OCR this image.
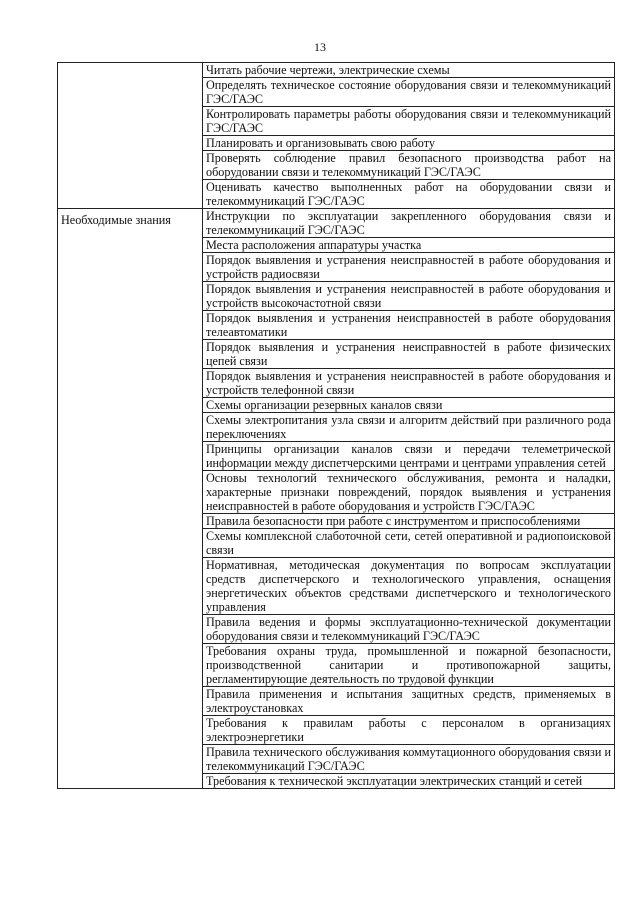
13
	Читать рабочие чертежи, электрические схемы
	Определять техническое состояние оборудования связи и телекоммуникаций ГЭС/ГАЭС
	Контролировать параметры работы оборудования связи и телекоммуникаций ГЭС/ГАЭС
	Планировать и организовывать свою работу
	Проверять соблюдение правил безопасного производства работ на оборудовании связи и телекоммуникаций ГЭС/ГАЭС
	Оценивать качество выполненных работ на оборудовании связи и телекоммуникаций ГЭС/ГАЭС
Необходимые знания	Инструкции по эксплуатации закрепленного оборудования связи и телекоммуникаций ГЭС/ГАЭС
	Места расположения аппаратуры участка
	Порядок выявления и устранения неисправностей в работе оборудования и устройств радиосвязи
	Порядок выявления и устранения неисправностей в работе оборудования и устройств высокочастотной связи
	Порядок выявления и устранения неисправностей в работе оборудования телеавтоматики
	Порядок выявления и устранения неисправностей в работе физических цепей связи
	Порядок выявления и устранения неисправностей в работе оборудования и устройств телефонной связи
	Схемы организации резервных каналов связи
	Схемы электропитания узла связи и алгоритм действий при различного рода переключениях
	Принципы организации каналов связи и передачи телеметрической информации между диспетчерскими центрами и центрами управления сетей
	Основы технологий технического обслуживания, ремонта и наладки, характерные признаки повреждений, порядок выявления и устранения неисправностей в работе оборудования и устройств ГЭС/ГАЭС
	Правила безопасности при работе с инструментом и приспособлениями
	Схемы комплексной слаботочной сети, сетей оперативной и радиопоисковой связи
	Нормативная, методическая документация по вопросам эксплуатации средств диспетчерского и технологического управления, оснащения энергетических объектов средствами диспетчерского и технологического управления
	Правила ведения и формы эксплуатационно-технической документации оборудования связи и телекоммуникаций ГЭС/ГАЭС
	Требования охраны труда, промышленной и пожарной безопасности, производственной санитарии и противопожарной защиты, регламентирующие деятельность по трудовой функции
	Правила применения и испытания защитных средств, применяемых в электроустановках
	Требования к правилам работы с персоналом в организациях электроэнергетики
	Правила технического обслуживания коммутационного оборудования связи и телекоммуникаций ГЭС/ГАЭС
	Требования к технической эксплуатации электрических станций и сетей
